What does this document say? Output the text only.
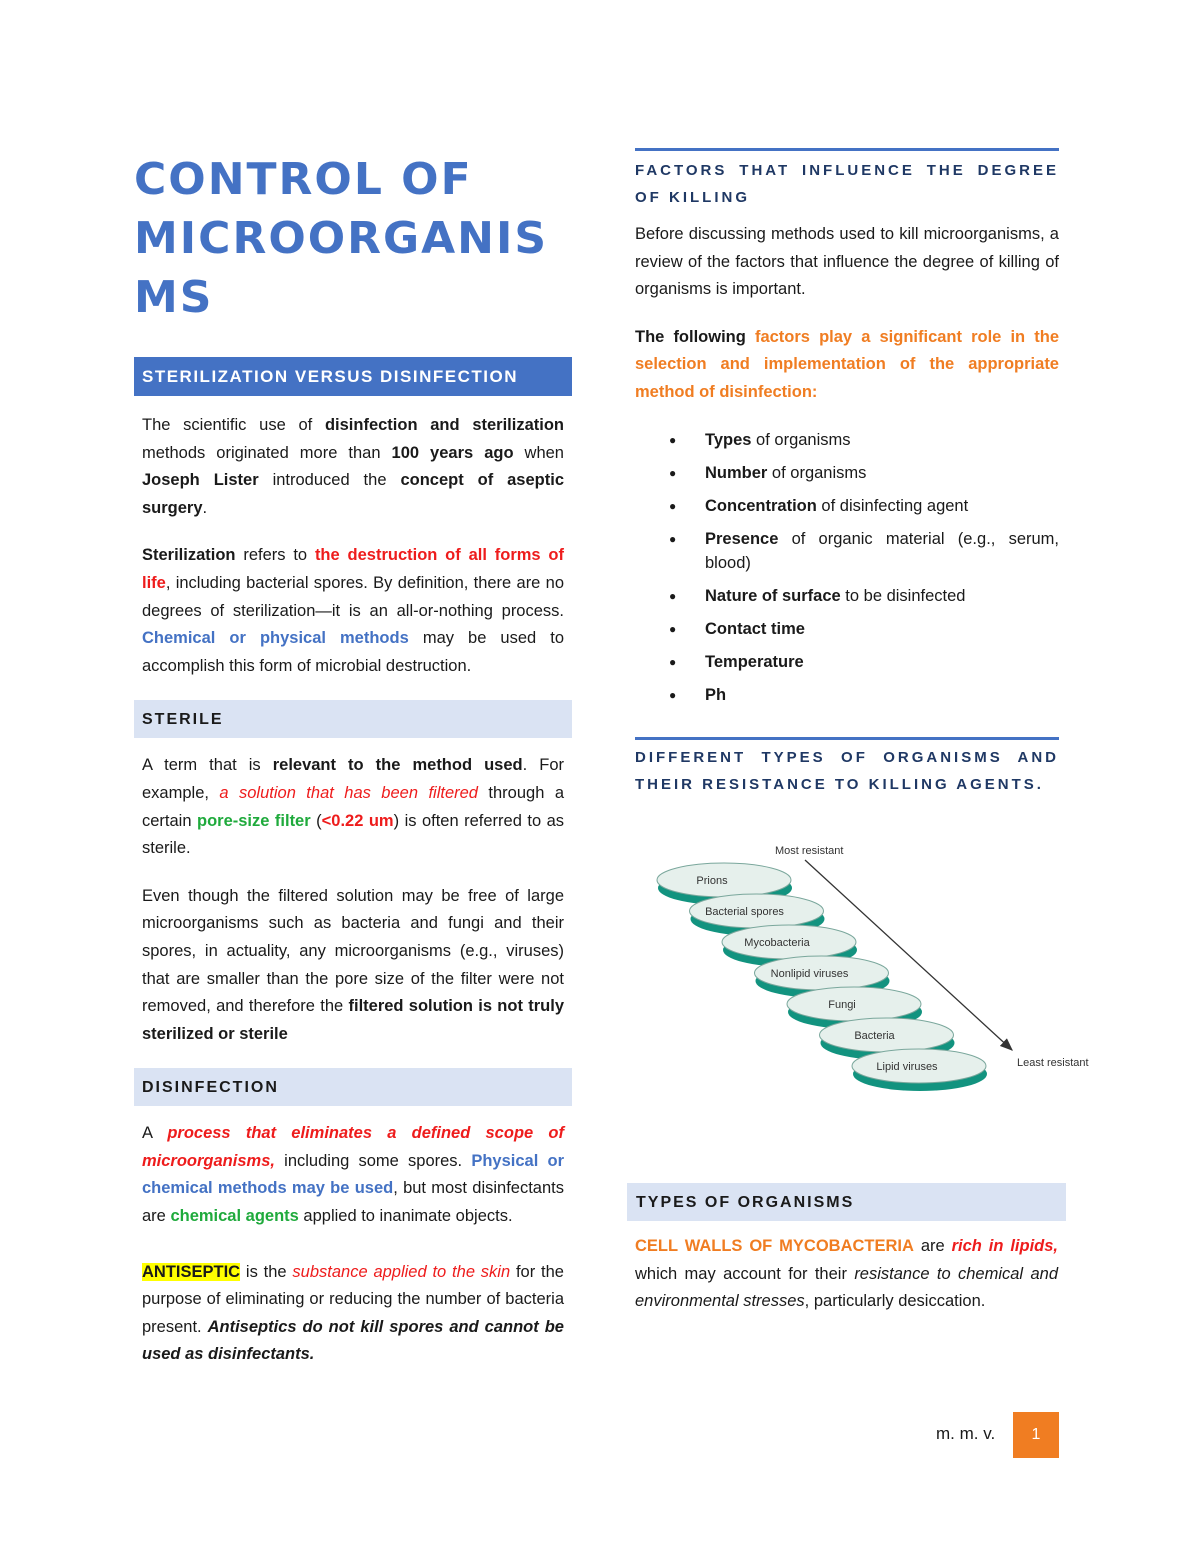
CONTROL OF
MICROORGANIS
MS
STERILIZATION VERSUS DISINFECTION

The scientific use of disinfection and sterilization methods originated more than 100 years ago when Joseph Lister introduced the concept of aseptic surgery.

Sterilization refers to the destruction of all forms of life, including bacterial spores. By definition, there are no degrees of sterilization—it is an all-or-nothing process. Chemical or physical methods may be used to accomplish this form of microbial destruction.

STERILE

A term that is relevant to the method used. For example, a solution that has been filtered through a certain pore-size filter (<0.22 um) is often referred to as sterile.

Even though the filtered solution may be free of large microorganisms such as bacteria and fungi and their spores, in actuality, any microorganisms (e.g., viruses) that are smaller than the pore size of the filter were not removed, and therefore the filtered solution is not truly sterilized or sterile

DISINFECTION

A process that eliminates a defined scope of microorganisms, including some spores. Physical or chemical methods may be used, but most disinfectants are chemical agents applied to inanimate objects.

ANTISEPTIC is the substance applied to the skin for the purpose of eliminating or reducing the number of bacteria present. Antiseptics do not kill spores and cannot be used as disinfectants.

FACTORS THAT INFLUENCE THE DEGREE OF KILLING

Before discussing methods used to kill microorganisms, a review of the factors that influence the degree of killing of organisms is important.

The following factors play a significant role in the selection and implementation of the appropriate method of disinfection:

● Types of organisms
● Number of organisms
● Concentration of disinfecting agent
● Presence of organic material (e.g., serum, blood)
● Nature of surface to be disinfected
● Contact time
● Temperature
● Ph

DIFFERENT TYPES OF ORGANISMS AND THEIR RESISTANCE TO KILLING AGENTS.

Most resistant
Least resistant
Prions
Bacterial spores
Mycobacteria
Nonlipid viruses
Fungi
Bacteria
Lipid viruses
TYPES OF ORGANISMS

CELL WALLS OF MYCOBACTERIA are rich in lipids, which may account for their resistance to chemical and environmental stresses, particularly desiccation.

m. m. v.	1
